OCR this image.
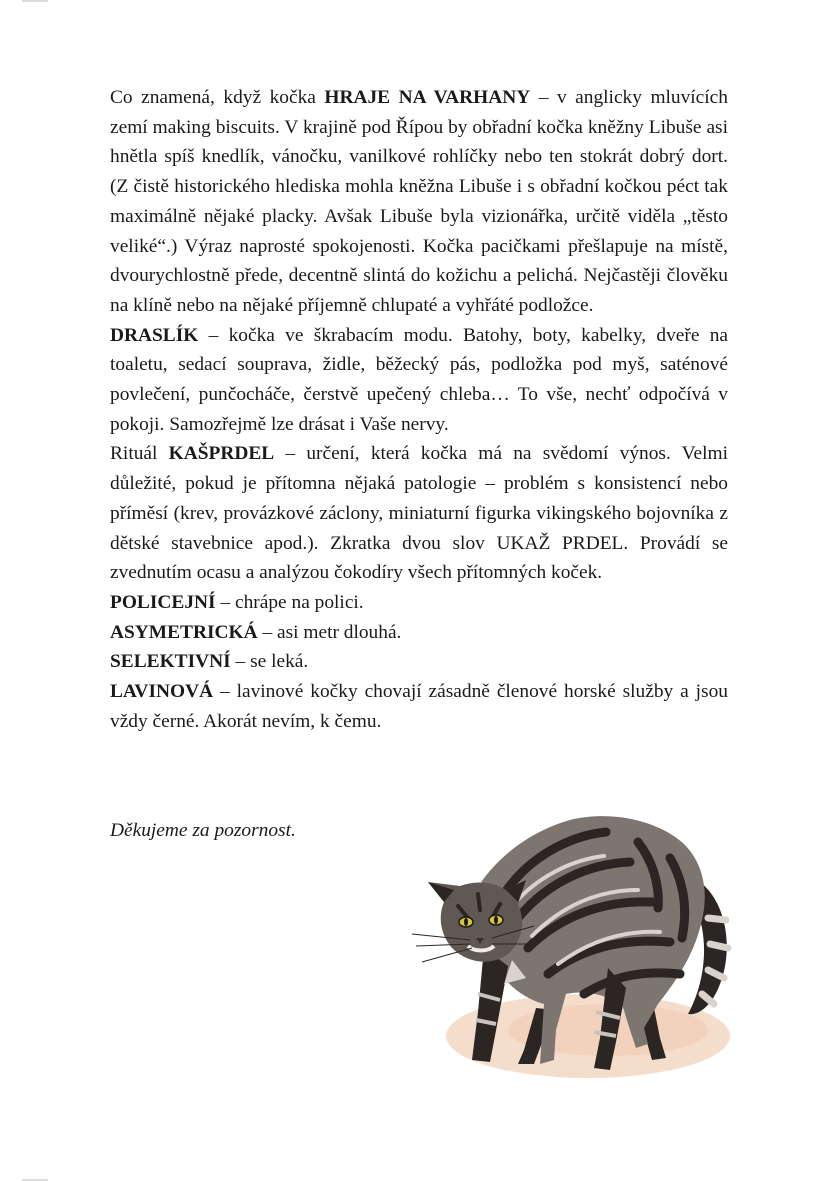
Co znamená, když kočka HRAJE NA VARHANY – v anglicky mluvících zemí making biscuits. V krajině pod Řípou by obřadní kočka kněžny Libuše asi hnětla spíš knedlík, vánočku, vanilkové rohlíčky nebo ten stokrát dobrý dort. (Z čistě historického hlediska mohla kněžna Libuše i s obřadní kočkou péct tak maximálně nějaké placky. Avšak Libuše byla vizionářka, určitě viděla „těsto veliké“.) Výraz naprosté spokojenosti. Kočka pacičkami přešlapuje na místě, dvourychlostně přede, decentně slintá do kožichu a pelichá. Nejčastěji člověku na klíně nebo na nějaké příjemně chlupaté a vyhřáté podložce.

DRASLÍK – kočka ve škrabacím modu. Batohy, boty, kabelky, dveře na toaletu, sedací souprava, židle, běžecký pás, podložka pod myš, saténové povlečení, punčocháče, čerstvě upečený chleba… To vše, nechť odpočívá v pokoji. Samozřejmě lze drásat i Vaše nervy.

Rituál KAŠPRDEL – určení, která kočka má na svědomí výnos. Velmi důležité, pokud je přítomna nějaká patologie – problém s konsistencí nebo příměsí (krev, provázkové záclony, miniaturní figurka vikingského bojovníka z dětské stavebnice apod.). Zkratka dvou slov UKAŽ PRDEL. Provádí se zvednutím ocasu a analýzou čokodíry všech přítomných koček.

POLICEJNÍ – chrápe na polici.

ASYMETRICKÁ – asi metr dlouhá.

SELEKTIVNÍ – se leká.

LAVINOVÁ – lavinové kočky chovají zásadně členové horské služby a jsou vždy černé. Akorát nevím, k čemu.

Děkujeme za pozornost.
